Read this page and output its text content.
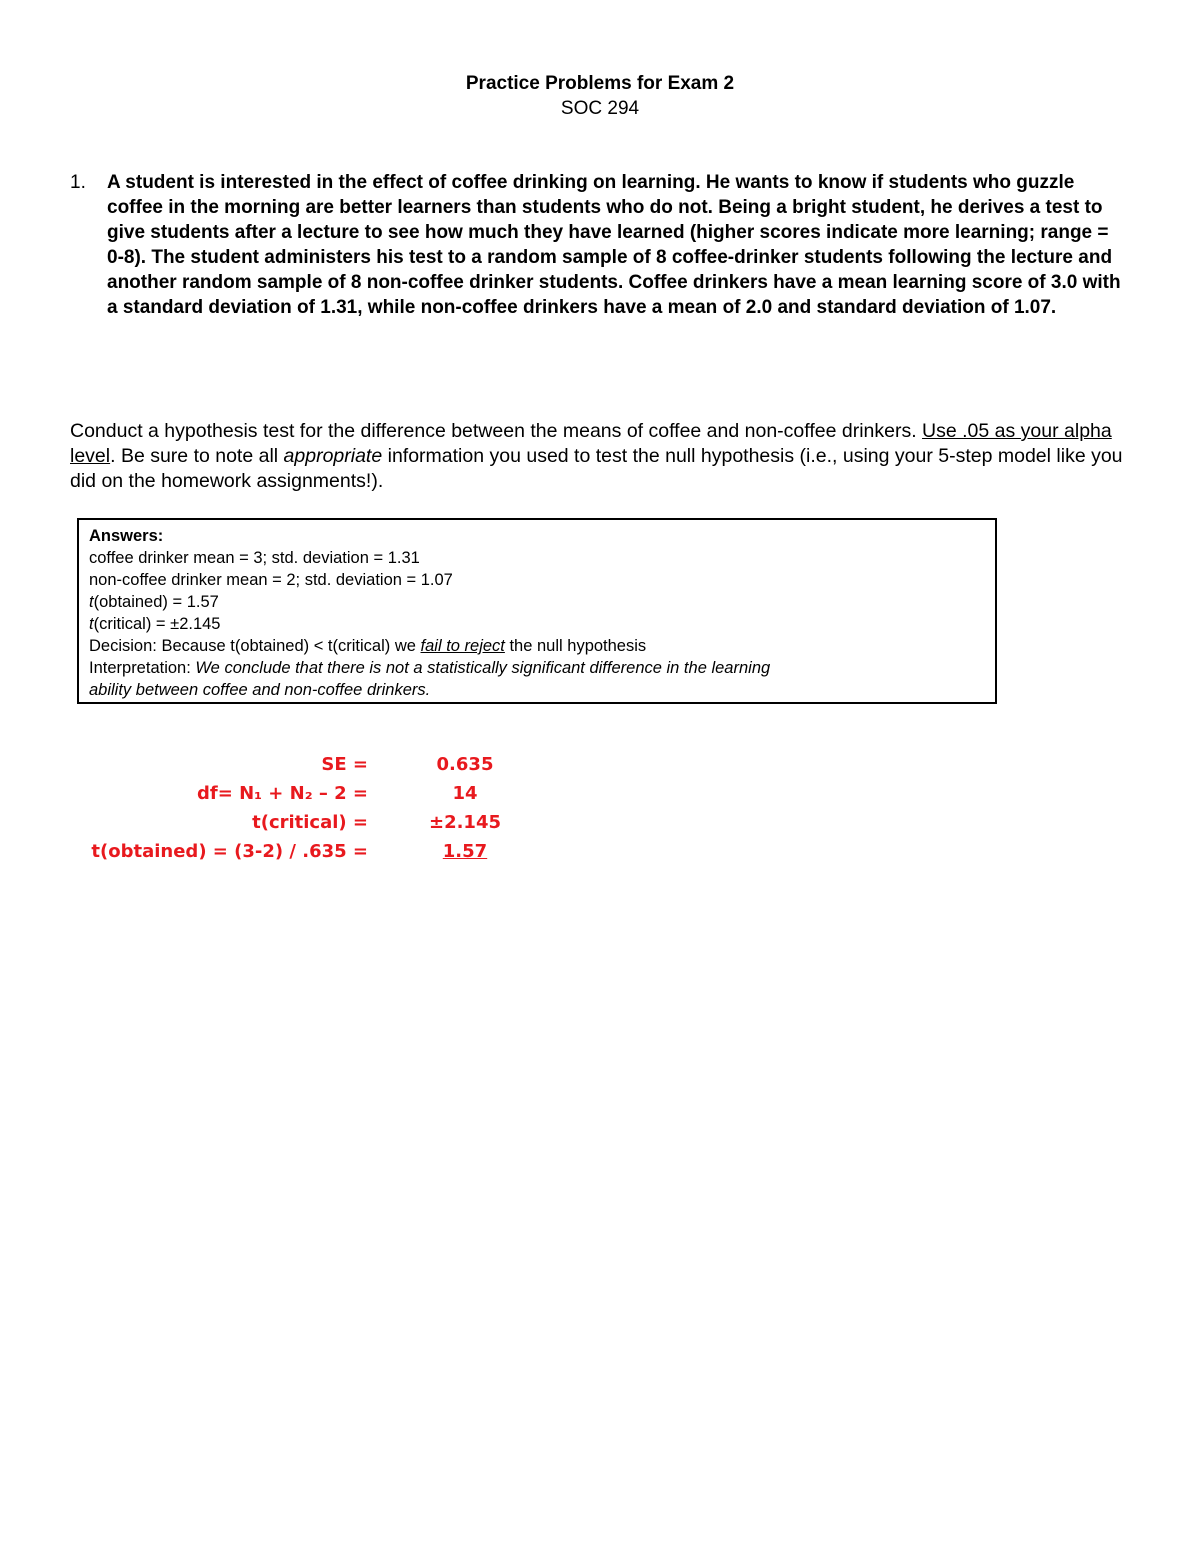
Practice Problems for Exam 2
SOC 294
1. A student is interested in the effect of coffee drinking on learning. He wants to know if students who guzzle coffee in the morning are better learners than students who do not. Being a bright student, he derives a test to give students after a lecture to see how much they have learned (higher scores indicate more learning; range = 0-8). The student administers his test to a random sample of 8 coffee-drinker students following the lecture and another random sample of 8 non-coffee drinker students. Coffee drinkers have a mean learning score of 3.0 with a standard deviation of 1.31, while non-coffee drinkers have a mean of 2.0 and standard deviation of 1.07.
Conduct a hypothesis test for the difference between the means of coffee and non-coffee drinkers. Use .05 as your alpha level. Be sure to note all appropriate information you used to test the null hypothesis (i.e., using your 5-step model like you did on the homework assignments!).
Answers:
coffee drinker mean = 3; std. deviation = 1.31
non-coffee drinker mean = 2; std. deviation = 1.07
t(obtained) = 1.57
t(critical) = ±2.145
Decision: Because t(obtained) < t(critical) we fail to reject the null hypothesis
Interpretation: We conclude that there is not a statistically significant difference in the learning
ability between coffee and non-coffee drinkers.
SE =	0.635
df= N₁ + N₂ – 2 =	14
t(critical) =	±2.145
t(obtained) = (3-2) / .635 =	1.57
